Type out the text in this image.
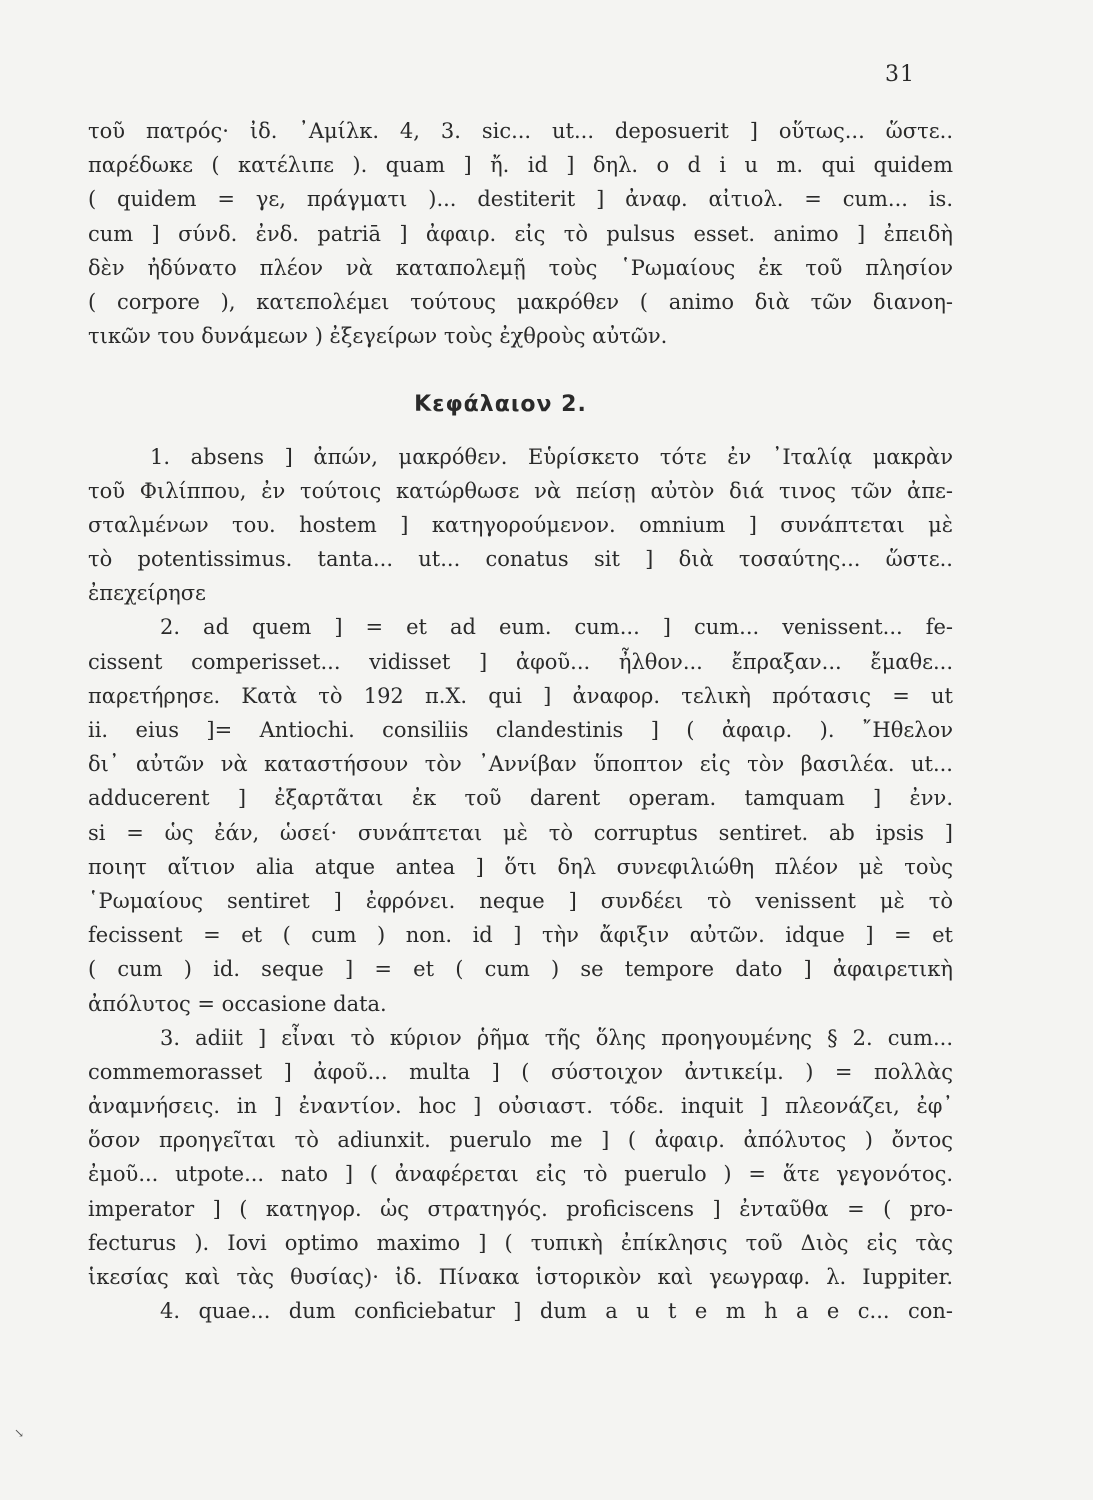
31
τοῦ πατρός· ἰδ. ᾿Αμίλκ. 4, 3. sic... ut... deposuerit ] οὕτως... ὥστε..
παρέδωκε ( κατέλιπε ). quam ] ἤ. id ] δηλ. o d i u m. qui quidem
( quidem = γε, πράγματι )... destiterit ] ἀναφ. αἰτιολ. = cum... is.
cum ] σύνδ. ἐνδ. patriā ] ἀφαιρ. εἰς τὸ pulsus esset. animo ] ἐπειδὴ
δὲν ἠδύνατο πλέον νὰ καταπολεμῇ τοὺς ῾Ρωμαίους ἐκ τοῦ πλησίον
( corpore ), κατεπολέμει τούτους μακρόθεν ( animo διὰ τῶν διανοη-
τικῶν του δυνάμεων ) ἐξεγείρων τοὺς ἐχθροὺς αὐτῶν.
Κεφάλαιον 2.
1. absens ] ἀπών, μακρόθεν. Εὑρίσκετο τότε ἐν ᾿Ιταλίᾳ μακρὰν
τοῦ Φιλίππου, ἐν τούτοις κατώρθωσε νὰ πείσῃ αὐτὸν διά τινος τῶν ἀπε-
σταλμένων του. hostem ] κατηγορούμενον. omnium ] συνάπτεται μὲ
τὸ potentissimus. tanta... ut... conatus sit ] διὰ τοσαύτης... ὥστε..
ἐπεχείρησε
2. ad quem ] = et ad eum. cum... ] cum... venissent... fe-
cissent comperisset... vidisset ] ἀφοῦ... ἦλθον... ἔπραξαν... ἔμαθε...
παρετήρησε. Κατὰ τὸ 192 π.Χ. qui ] ἀναφορ. τελικὴ πρότασις = ut
ii. eius ]= Antiochi. consiliis clandestinis ] ( ἀφαιρ. ). ῎Ηθελον
δι᾿ αὐτῶν νὰ καταστήσουν τὸν ᾿Αννίβαν ὕποπτον εἰς τὸν βασιλέα. ut...
adducerent ] ἐξαρτᾶται ἐκ τοῦ darent operam. tamquam ] ἐνν.
si = ὡς ἐάν, ὡσεί· συνάπτεται μὲ τὸ corruptus sentiret. ab ipsis ]
ποιητ αἴτιον alia atque antea ] ὅτι δηλ συνεφιλιώθη πλέον μὲ τοὺς
῾Ρωμαίους sentiret ] ἐφρόνει. neque ] συνδέει τὸ venissent μὲ τὸ
fecissent = et ( cum ) non. id ] τὴν ἄφιξιν αὐτῶν. idque ] = et
( cum ) id. seque ] = et ( cum ) se tempore dato ] ἀφαιρετικὴ
ἀπόλυτος = occasione data.
3. adiit ] εἶναι τὸ κύριον ῥῆμα τῆς ὅλης προηγουμένης § 2. cum...
commemorasset ] ἀφοῦ... multa ] ( σύστοιχον ἀντικείμ. ) = πολλὰς
ἀναμνήσεις. in ] ἐναντίον. hoc ] οὐσιαστ. τόδε. inquit ] πλεονάζει, ἐφ᾿
ὅσον προηγεῖται τὸ adiunxit. puerulo me ] ( ἀφαιρ. ἀπόλυτος ) ὄντος
ἐμοῦ... utpote... nato ] ( ἀναφέρεται εἰς τὸ puerulo ) = ἅτε γεγονότος.
imperator ] ( κατηγορ. ὡς στρατηγός. proficiscens ] ἐνταῦθα = ( pro-
fecturus ). Iovi optimo maximo ] ( τυπικὴ ἐπίκλησις τοῦ Διὸς εἰς τὰς
ἱκεσίας καὶ τὰς θυσίας)· ἰδ. Πίνακα ἱστορικὸν καὶ γεωγραφ. λ. Iuppiter.
4. quae... dum conficiebatur ] dum a u t e m h a e c... con-
↘
